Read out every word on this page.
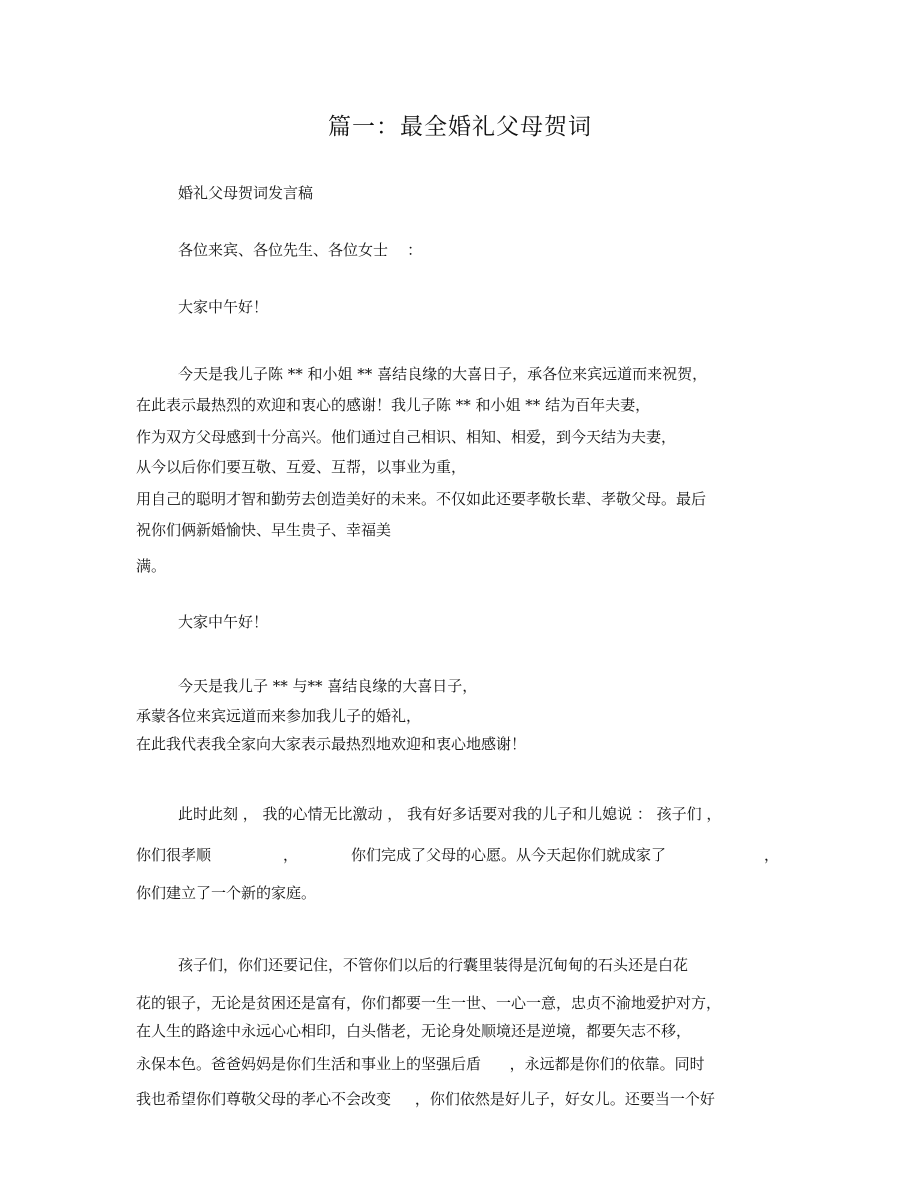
篇一：最全婚礼父母贺词
婚礼父母贺词发言稿
各位来宾、各位先生、各位女士    ：
大家中午好！
今天是我儿子陈 ** 和小姐 ** 喜结良缘的大喜日子，承各位来宾远道而来祝贺，
在此表示最热烈的欢迎和衷心的感谢！我儿子陈 ** 和小姐 ** 结为百年夫妻，
作为双方父母感到十分高兴。他们通过自己相识、相知、相爱，到今天结为夫妻，
从今以后你们要互敬、互爱、互帮，以事业为重，
用自己的聪明才智和勤劳去创造美好的未来。不仅如此还要孝敬长辈、孝敬父母。最后
祝你们俩新婚愉快、早生贵子、幸福美
满。
大家中午好！
今天是我儿子 ** 与** 喜结良缘的大喜日子，
承蒙各位来宾远道而来参加我儿子的婚礼，
在此我代表我全家向大家表示最热烈地欢迎和衷心地感谢！
此时此刻 ， 我的心情无比激动 ， 我有好多话要对我的儿子和儿媳说 ： 孩子们 ，
你们很孝顺	，	你们完成了父母的心愿。从今天起你们就成家了	，
你们建立了一个新的家庭。
孩子们，你们还要记住，不管你们以后的行囊里装得是沉甸甸的石头还是白花
花的银子，无论是贫困还是富有，你们都要一生一世、一心一意，忠贞不渝地爱护对方，
在人生的路途中永远心心相印，白头偕老，无论身处顺境还是逆境，都要矢志不移，
永保本色。爸爸妈妈是你们生活和事业上的坚强后盾      ，永远都是你们的依靠。同时
我也希望你们尊敬父母的孝心不会改变     ，你们依然是好儿子，好女儿。还要当一个好
